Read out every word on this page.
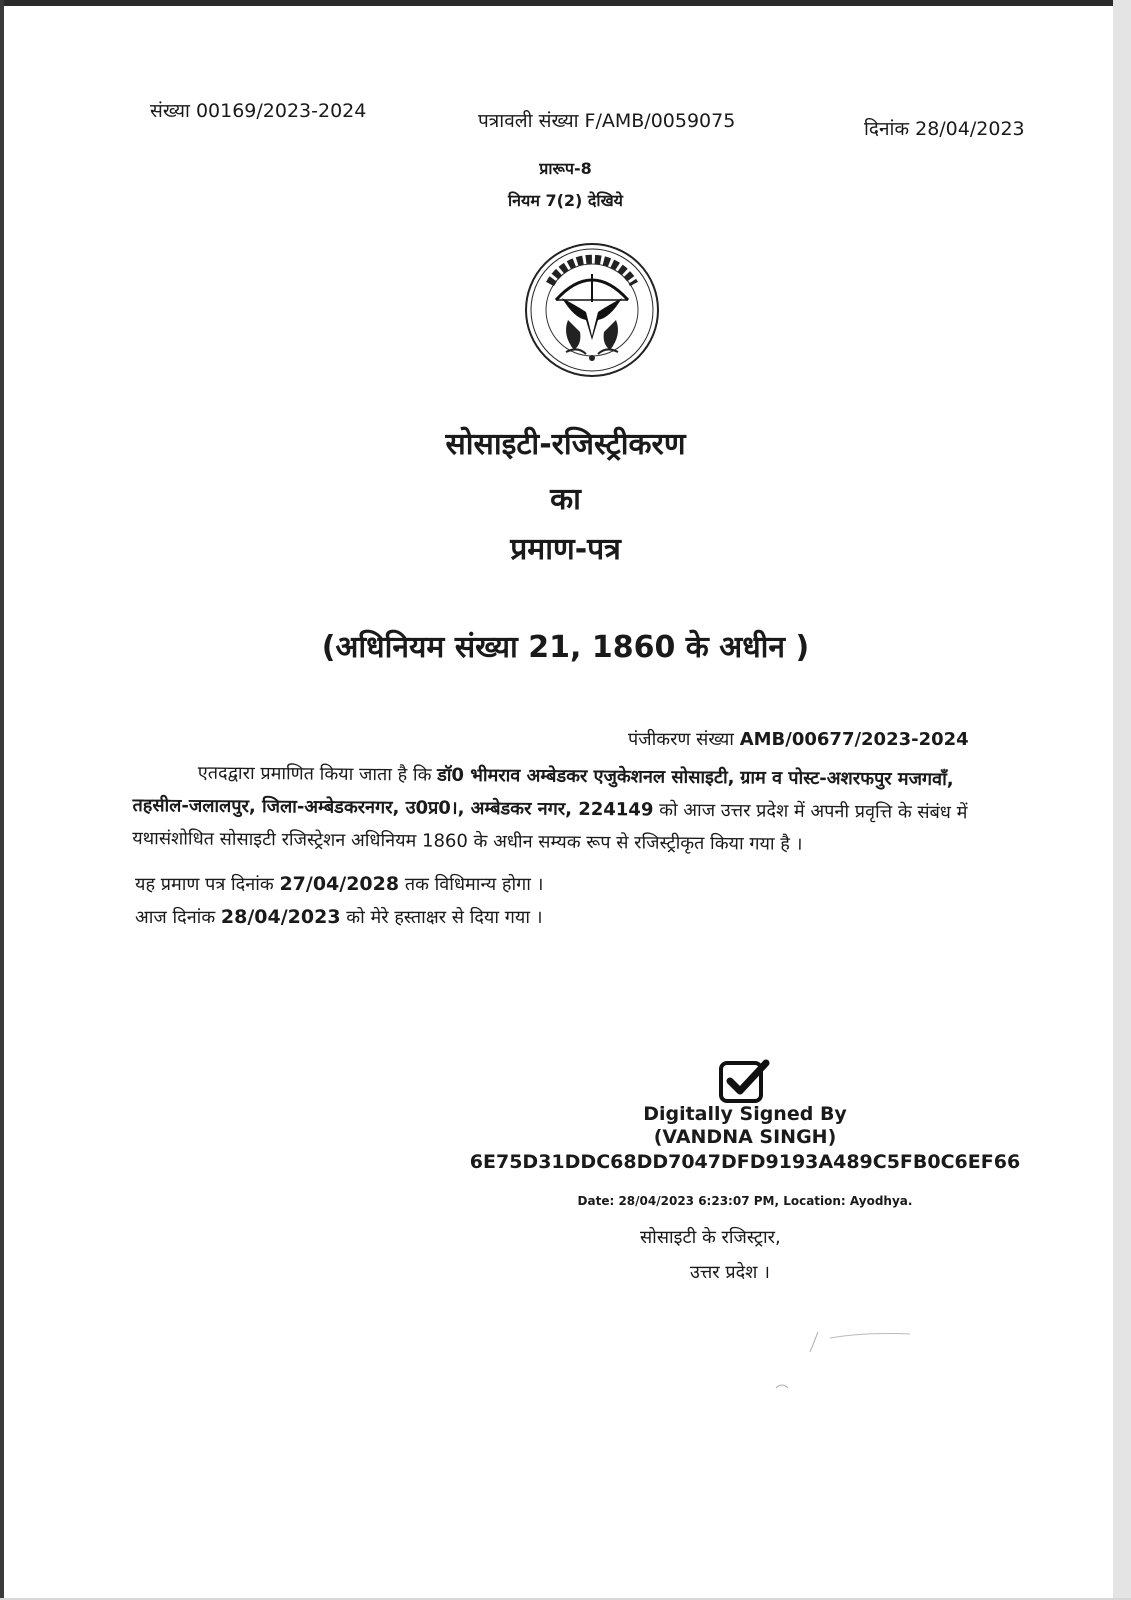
संख्या 00169/2023-2024	पत्रावली संख्या F/AMB/0059075	दिनांक 28/04/2023
प्रारूप-8
नियम 7(2) देखिये
सोसाइटी-रजिस्ट्रीकरण
का
प्रमाण-पत्र
(अधिनियम संख्या 21, 1860 के अधीन )
पंजीकरण संख्या AMB/00677/2023-2024
एतदद्वारा प्रमाणित किया जाता है कि डॉ0 भीमराव अम्बेडकर एजुकेशनल सोसाइटी, ग्राम व पोस्ट-अशरफपुर मजगवॉं, तहसील-जलालपुर, जिला-अम्बेडकरनगर, उ0प्र0।, अम्बेडकर नगर, 224149 को आज उत्तर प्रदेश में अपनी प्रवृत्ति के संबंध में यथासंशोधित सोसाइटी रजिस्ट्रेशन अधिनियम 1860 के अधीन सम्यक रूप से रजिस्ट्रीकृत किया गया है ।
यह प्रमाण पत्र दिनांक 27/04/2028 तक विधिमान्य होगा ।
आज दिनांक 28/04/2023 को मेरे हस्ताक्षर से दिया गया ।
Digitally Signed By
(VANDNA SINGH)
6E75D31DDC68DD7047DFD9193A489C5FB0C6EF66
Date: 28/04/2023 6:23:07 PM, Location: Ayodhya.
सोसाइटी के रजिस्ट्रार,
उत्तर प्रदेश ।
